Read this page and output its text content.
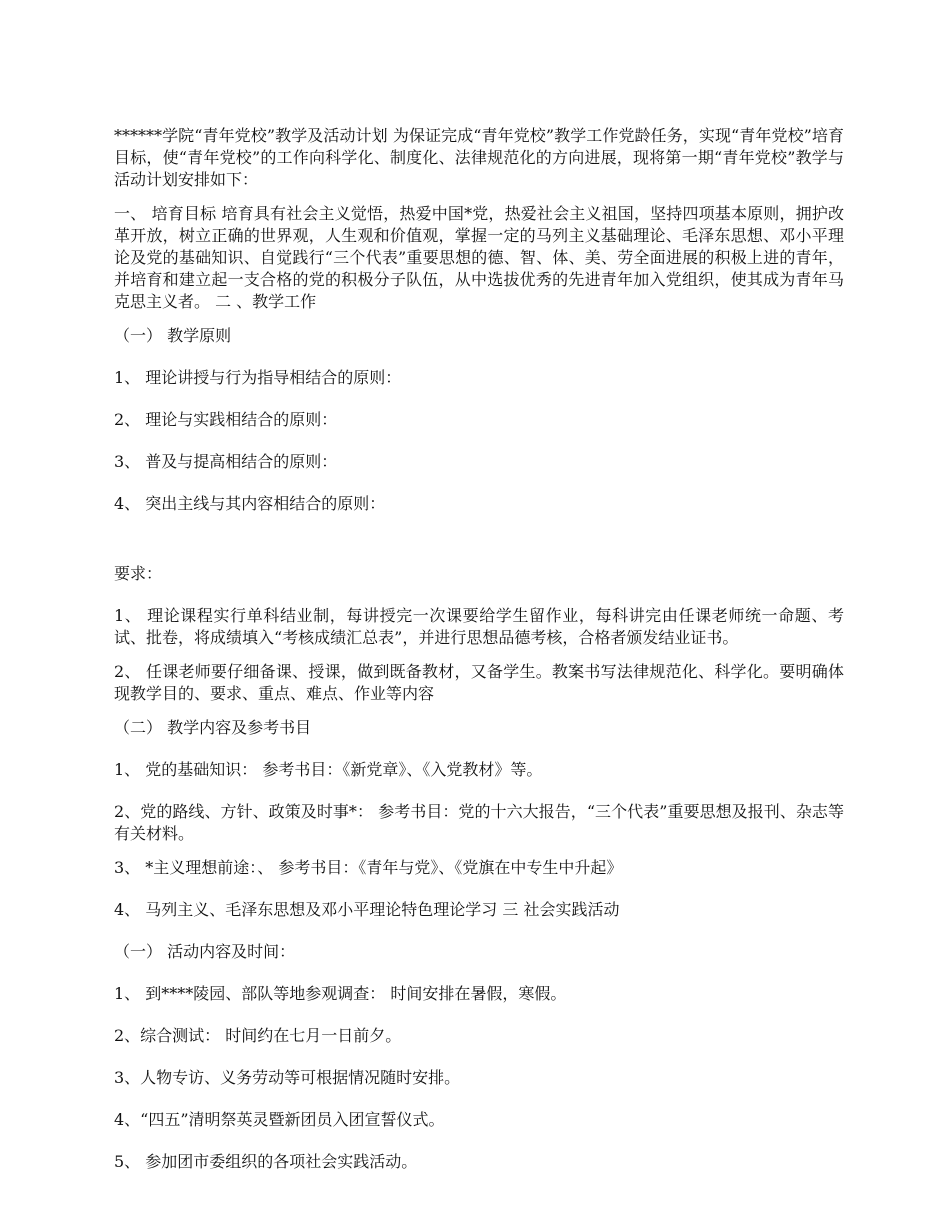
******学院“青年党校”教学及活动计划 为保证完成“青年党校”教学工作党龄任务，实现“青年党校”培育目标，使“青年党校”的工作向科学化、制度化、法律规范化的方向进展，现将第一期“青年党校”教学与活动计划安排如下：

一、 培育目标 培育具有社会主义觉悟，热爱中国*党，热爱社会主义祖国，坚持四项基本原则，拥护改革开放，树立正确的世界观，人生观和价值观，掌握一定的马列主义基础理论、毛泽东思想、邓小平理论及党的基础知识、自觉践行“三个代表”重要思想的德、智、体、美、劳全面进展的积极上进的青年，并培育和建立起一支合格的党的积极分子队伍，从中选拔优秀的先进青年加入党组织，使其成为青年马克思主义者。 二 、教学工作

（一） 教学原则

1、 理论讲授与行为指导相结合的原则：

2、 理论与实践相结合的原则：

3、 普及与提高相结合的原则：

4、 突出主线与其内容相结合的原则：

要求：

1、 理论课程实行单科结业制，每讲授完一次课要给学生留作业，每科讲完由任课老师统一命题、考试、批卷，将成绩填入“考核成绩汇总表”，并进行思想品德考核，合格者颁发结业证书。

2、 任课老师要仔细备课、授课，做到既备教材，又备学生。教案书写法律规范化、科学化。要明确体现教学目的、要求、重点、难点、作业等内容

（二） 教学内容及参考书目

1、 党的基础知识： 参考书目：《新党章》、《入党教材》等。

2、党的路线、方针、政策及时事*： 参考书目：党的十六大报告，“三个代表”重要思想及报刊、杂志等有关材料。

3、 *主义理想前途：、 参考书目：《青年与党》、《党旗在中专生中升起》

4、 马列主义、毛泽东思想及邓小平理论特色理论学习 三 社会实践活动

（一） 活动内容及时间：

1、 到****陵园、部队等地参观调查： 时间安排在暑假，寒假。

2、综合测试： 时间约在七月一日前夕。

3、人物专访、义务劳动等可根据情况随时安排。

4、“四五”清明祭英灵暨新团员入团宣誓仪式。

5、 参加团市委组织的各项社会实践活动。
